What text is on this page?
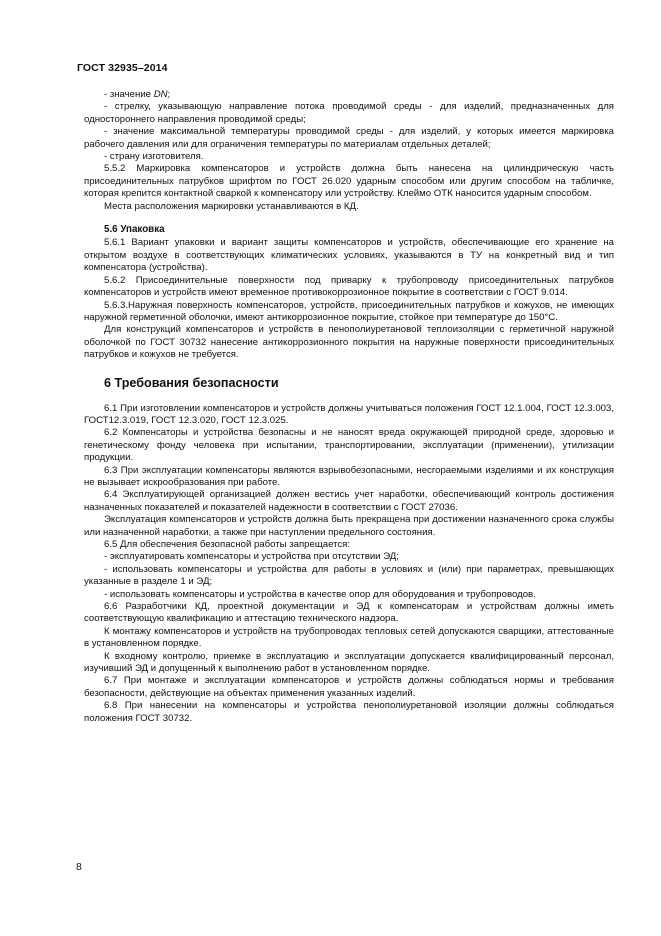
ГОСТ 32935–2014

- значение DN;

- стрелку, указывающую направление потока проводимой среды - для изделий, предназначенных для одностороннего направления проводимой среды;

- значение максимальной температуры проводимой среды - для изделий, у которых имеется маркировка рабочего давления или для ограничения температуры по материалам отдельных деталей;

- страну изготовителя.

5.5.2 Маркировка компенсаторов и устройств должна быть нанесена на цилиндрическую часть присоединительных патрубков шрифтом по ГОСТ 26.020 ударным способом или другим способом на табличке, которая крепится контактной сваркой к компенсатору или устройству. Клеймо ОТК наносится ударным способом.

Места расположения маркировки устанавливаются в КД.

5.6 Упаковка

5.6.1 Вариант упаковки и вариант защиты компенсаторов и устройств, обеспечивающие его хранение на открытом воздухе в соответствующих климатических условиях, указываются в ТУ на конкретный вид и тип компенсатора (устройства).

5.6.2 Присоединительные поверхности под приварку к трубопроводу присоединительных патрубков компенсаторов и устройств имеют временное противокоррозионное покрытие в соответствии с ГОСТ 9.014.

5.6.3.Наружная поверхность компенсаторов, устройств, присоединительных патрубков и кожухов, не имеющих наружной герметичной оболочки, имеют антикоррозионное покрытие, стойкое при температуре до 150°С.

Для конструкций компенсаторов и устройств в пенополиуретановой теплоизоляции с герметичной наружной оболочкой по ГОСТ 30732 нанесение антикоррозионного покрытия на наружные поверхности присоединительных патрубков и кожухов не требуется.

6 Требования безопасности

6.1 При изготовлении компенсаторов и устройств должны учитываться положения ГОСТ 12.1.004, ГОСТ 12.3.003, ГОСТ12.3.019, ГОСТ 12.3.020, ГОСТ 12.3.025.

6.2 Компенсаторы и устройства безопасны и не наносят вреда окружающей природной среде, здоровью и генетическому фонду человека при испытании, транспортировании, эксплуатации (применении), утилизации продукции.

6.3 При эксплуатации компенсаторы являются взрывобезопасными, несгораемыми изделиями и их конструкция не вызывает искрообразования при работе.

6.4 Эксплуатирующей организацией должен вестись учет наработки, обеспечивающий контроль достижения назначенных показателей и показателей надежности в соответствии с ГОСТ 27036.

Эксплуатация компенсаторов и устройств должна быть прекращена при достижении назначенного срока службы или назначенной наработки, а также при наступлении предельного состояния.

6.5 Для обеспечения безопасной работы запрещается:

- эксплуатировать компенсаторы и устройства при отсутствии ЭД;

- использовать компенсаторы и устройства для работы в условиях и (или) при параметрах, превышающих указанные в разделе 1 и ЭД;

- использовать компенсаторы и устройства в качестве опор для оборудования и трубопроводов.

6.6 Разработчики КД, проектной документации и ЭД к компенсаторам и устройствам должны иметь соответствующую квалификацию и аттестацию технического надзора.

К монтажу компенсаторов и устройств на трубопроводах тепловых сетей допускаются сварщики, аттестованные в установленном порядке.

К входному контролю, приемке в эксплуатацию и эксплуатации допускается квалифицированный персонал, изучивший ЭД и допущенный к выполнению работ в установленном порядке.

6.7 При монтаже и эксплуатации компенсаторов и устройств должны соблюдаться нормы и требования безопасности, действующие на объектах применения указанных изделий.

6.8 При нанесении на компенсаторы и устройства пенополиуретановой изоляции должны соблюдаться положения ГОСТ 30732.

8
